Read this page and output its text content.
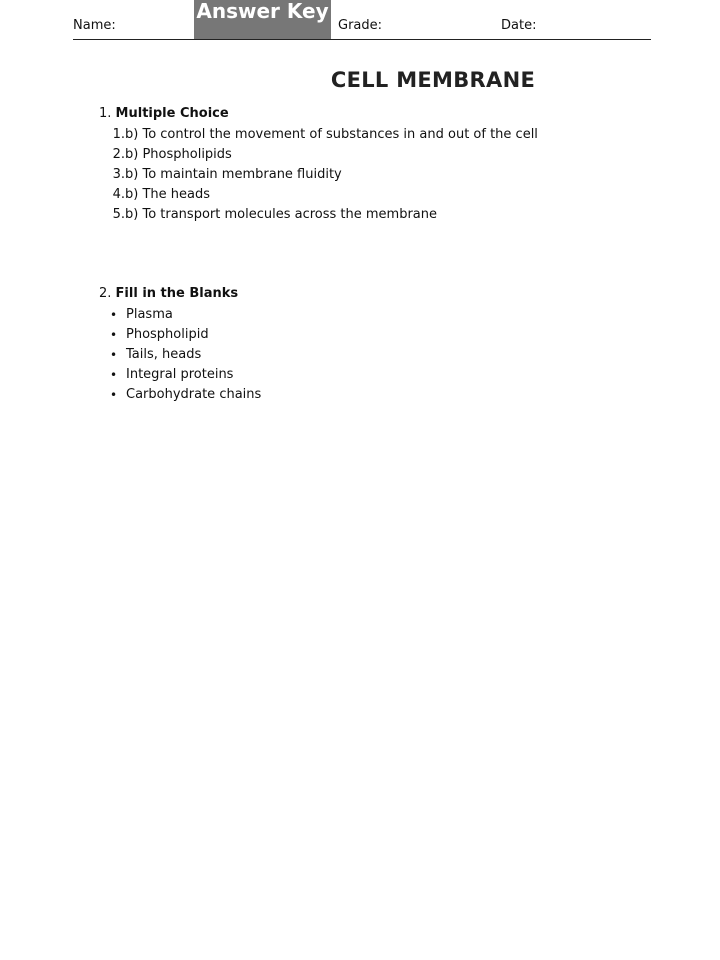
Name:
Answer Key
Grade:	Date:
CELL MEMBRANE
1. Multiple Choice
1. b) To control the movement of substances in and out of the cell
2. b) Phospholipids
3. b) To maintain membrane fluidity
4. b) The heads
5. b) To transport molecules across the membrane
2. Fill in the Blanks
• Plasma
• Phospholipid
• Tails, heads
• Integral proteins
• Carbohydrate chains
